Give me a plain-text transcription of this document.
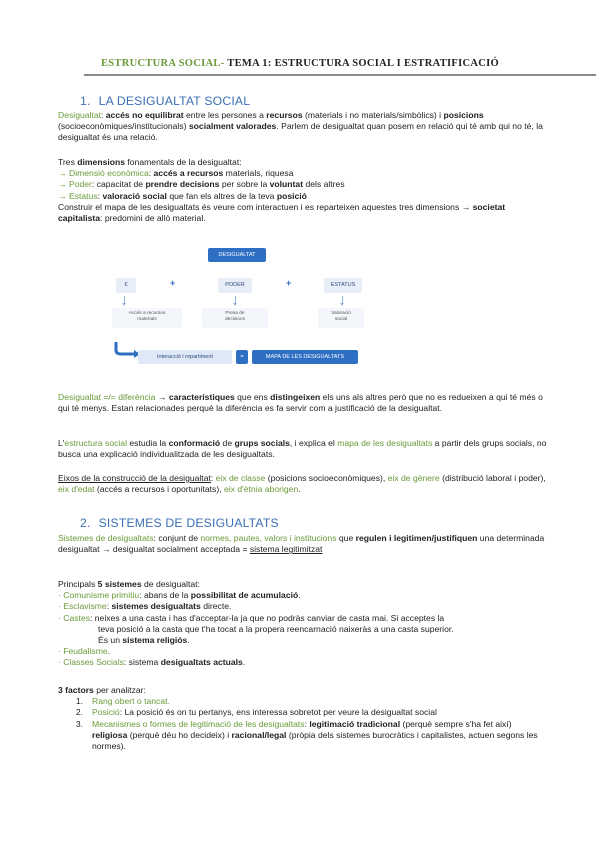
ESTRUCTURA SOCIAL- TEMA 1: ESTRUCTURA SOCIAL I ESTRATIFICACIÓ
1. LA DESIGUALTAT SOCIAL

Desigualtat: accés no equilibrat entre les persones a recursos (materials i no materials/simbòlics) i posicions (socioeconòmiques/institucionals) socialment valorades. Parlem de desigualtat quan posem en relació qui té amb qui no té, la desigualtat és una relació.

Tres dimensions fonamentals de la desigualtat:

→ Dimensió econòmica: accés a recursos materials, riquesa

→ Poder: capacitat de prendre decisions per sobre la voluntat dels altres

→ Estatus: valoració social que fan els altres de la teva posició

Construir el mapa de les desigualtats és veure com interactuen i es reparteixen aquestes tres dimensions → societat capitalista: predomini de allò material.

DESIGUALTAT
€	+	PODER	+	ESTATUS
Accés a recursos
materials
Presa de
decisions
Valoració
social
Interacció i repartiment	=	MAPA DE LES DESIGUALTATS

Desigualtat =/= diferència → característiques que ens distingeixen els uns als altres però que no es redueixen a qui té més o qui té menys. Estan relacionades perquè la diferència es fa servir com a justificació de la desigualtat.

L'estructura social estudia la conformació de grups socials, i explica el mapa de les desigualtats a partir dels grups socials, no busca una explicació individualitzada de les desigualtats.

Eixos de la construcció de la desigualtat: eix de classe (posicions socioeconòmiques), eix de gènere (distribució laboral i poder), eix d'edat (accés a recursos i oportunitats), eix d'ètnia aborigen.

2. SISTEMES DE DESIGUALTATS

Sistemes de desigualtats: conjunt de normes, pautes, valors i institucions que regulen i legitimen/justifiquen una determinada desigualtat → desigualtat socialment acceptada = sistema legitimitzat

Principals 5 sistemes de desigualtat:

· Comunisme primitiu: abans de la possibilitat de acumulació.

· Esclavisme: sistemes desigualtats directe.

· Castes: neixes a una casta i has d'acceptar-la ja que no podràs canviar de casta mai. Si acceptes la

teva posició a la casta que t'ha tocat a la propera reencarnació naixeràs a una casta superior.

És un sistema religiós.

· Feudalisme.

· Classes Socials: sistema desigualtats actuals.

3 factors per analitzar:

1.	Rang obert o tancat.
2.	Posició: La posició és on tu pertanys, ens interessa sobretot per veure la desigualtat social
3.	Mecanismes o formes de legitimació de les desigualtats: legitimació tradicional (perquè sempre s'ha fet així) religiosa (perquè déu ho decideix) i racional/legal (pròpia dels sistemes burocràtics i capitalistes, actuen segons les normes).
